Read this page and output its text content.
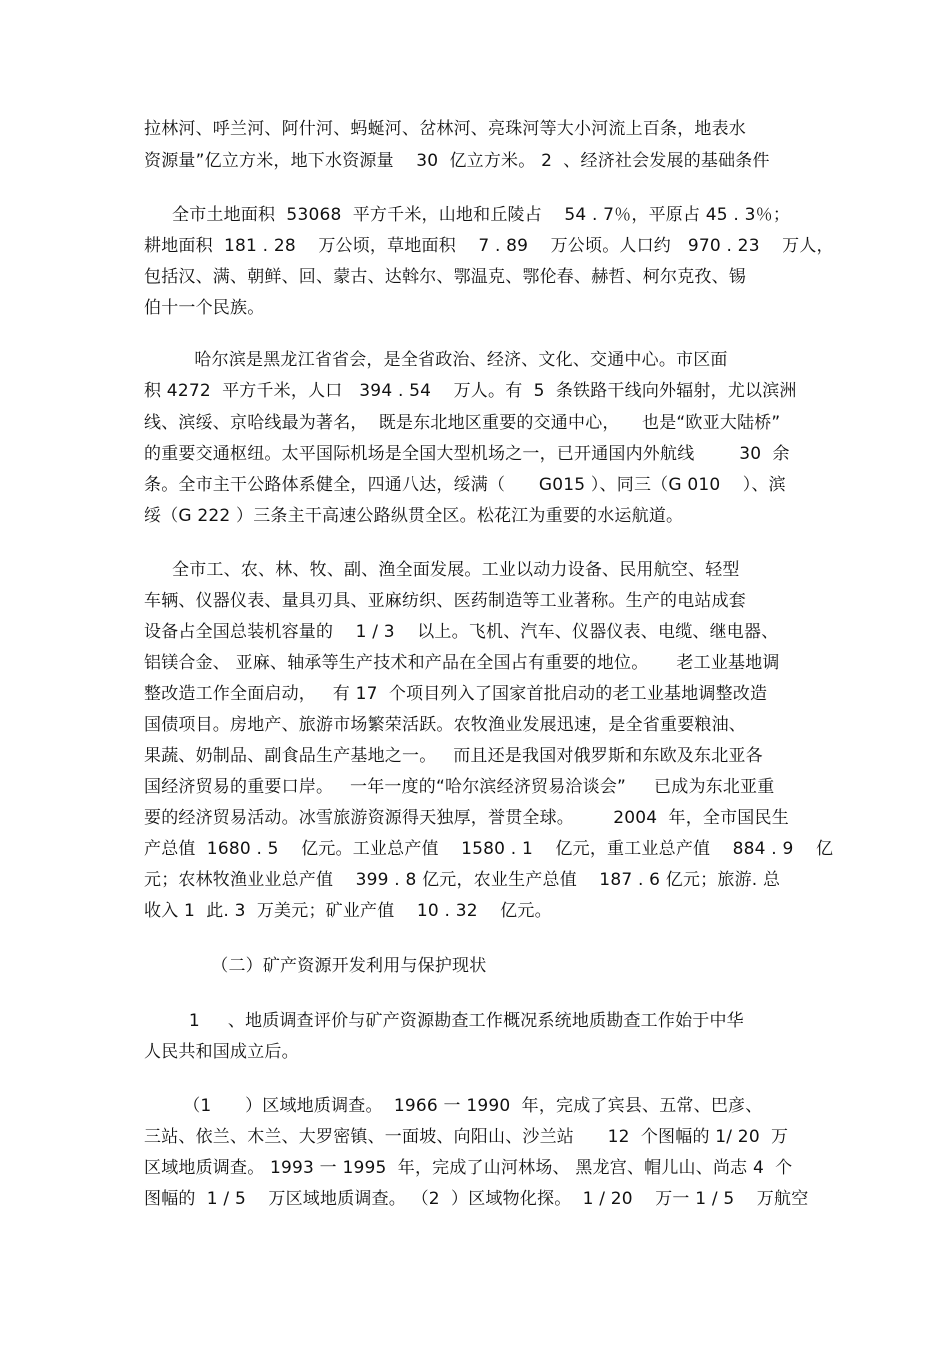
拉林河、呼兰河、阿什河、蚂蜒河、岔林河、亮珠河等大小河流上百条，地表水
资源量”亿立方米，地下水资源量    30  亿立方米。 2  、经济社会发展的基础条件
全市土地面积  53068  平方千米，山地和丘陵占    54 . 7％，平原占 45 . 3％；
耕地面积  181 . 28    万公顷，草地面积    7 . 89    万公顷。人口约   970 . 23    万人，
包括汉、满、朝鲜、回、蒙古、达斡尔、鄂温克、鄂伦春、赫哲、柯尔克孜、锡
伯十一个民族。
哈尔滨是黑龙江省省会，是全省政治、经济、文化、交通中心。市区面
积 4272  平方千米，人口   394 . 54    万人。有  5  条铁路干线向外辐射，尤以滨洲
线、滨绥、京哈线最为著名，  既是东北地区重要的交通中心，    也是“欧亚大陆桥”
的重要交通枢纽。太平国际机场是全国大型机场之一，已开通国内外航线        30  余
条。全市主干公路体系健全，四通八达，绥满（      G015 ）、同三（G 010    ）、滨
绥（G 222 ）三条主干高速公路纵贯全区。松花江为重要的水运航道。
全市工、农、林、牧、副、渔全面发展。工业以动力设备、民用航空、轻型
车辆、仪器仪表、量具刃具、亚麻纺织、医药制造等工业著称。生产的电站成套
设备占全国总装机容量的    1 / 3    以上。飞机、汽车、仪器仪表、电缆、继电器、
铝镁合金、 亚麻、轴承等生产技术和产品在全国占有重要的地位。     老工业基地调
整改造工作全面启动，   有 17  个项目列入了国家首批启动的老工业基地调整改造
国债项目。房地产、旅游市场繁荣活跃。农牧渔业发展迅速，是全省重要粮油、
果蔬、奶制品、副食品生产基地之一。   而且还是我国对俄罗斯和东欧及东北亚各
国经济贸易的重要口岸。   一年一度的“哈尔滨经济贸易洽谈会”     已成为东北亚重
要的经济贸易活动。冰雪旅游资源得天独厚，誉贯全球。       2004  年，全市国民生
产总值  1680 . 5    亿元。工业总产值    1580 . 1    亿元，重工业总产值    884 . 9    亿
元；农林牧渔业业总产值    399 . 8 亿元，农业生产总值    187 . 6 亿元；旅游. 总
收入 1  此. 3  万美元；矿业产值    10 . 32    亿元。
（二）矿产资源开发利用与保护现状
1     、地质调查评价与矿产资源勘查工作概况系统地质勘查工作始于中华
人民共和国成立后。
（1      ）区域地质调查。  1966 一 1990  年，完成了宾县、五常、巴彦、
三站、依兰、木兰、大罗密镇、一面坡、向阳山、沙兰站      12  个图幅的 1/ 20  万
区域地质调查。 1993 一 1995  年，完成了山河林场、 黑龙宫、帽儿山、尚志 4  个
图幅的  1 / 5    万区域地质调查。 （2  ）区域物化探。  1 / 20    万一 1 / 5    万航空
